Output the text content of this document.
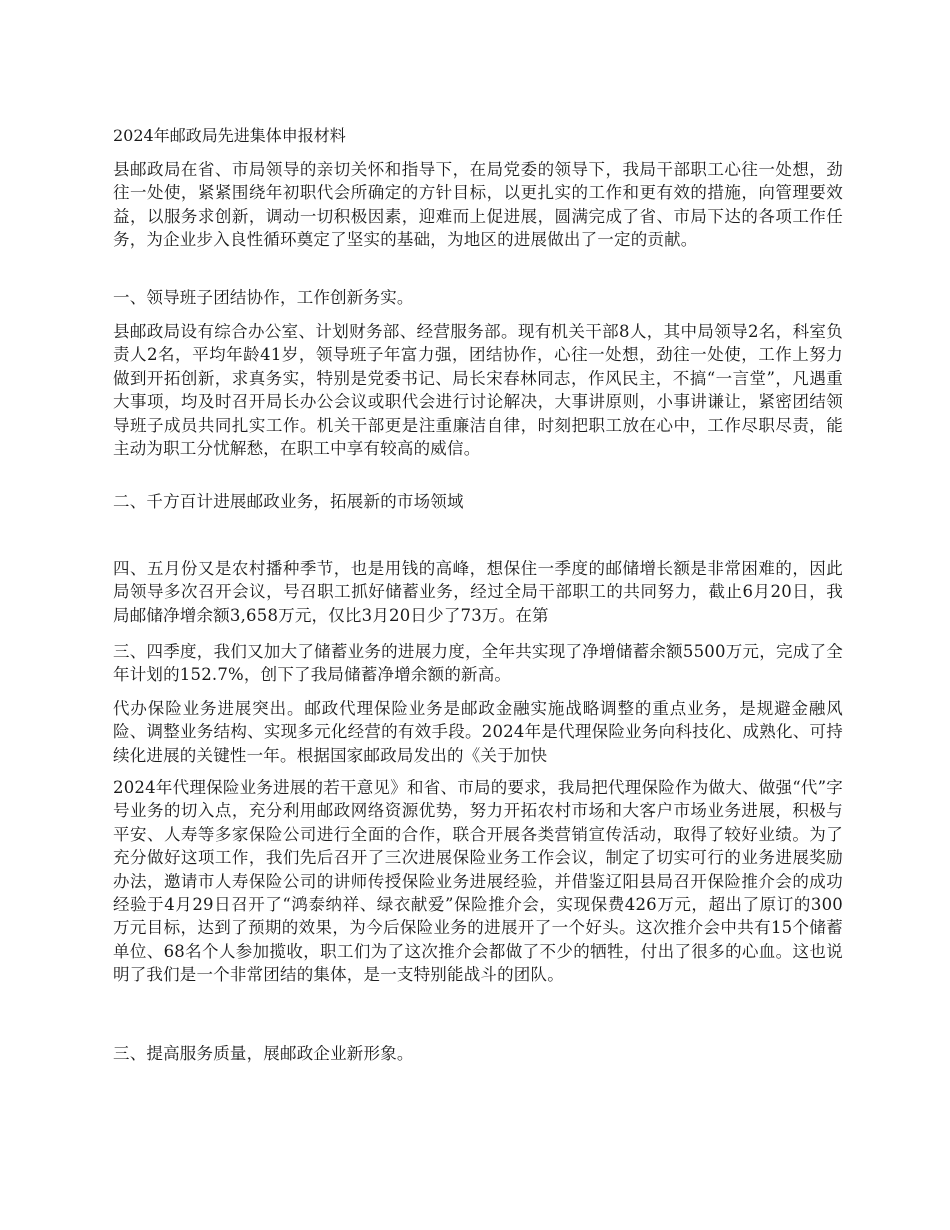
2024年邮政局先进集体申报材料

县邮政局在省、市局领导的亲切关怀和指导下，在局党委的领导下，我局干部职工心往一处想，劲往一处使，紧紧围绕年初职代会所确定的方针目标，以更扎实的工作和更有效的措施，向管理要效益，以服务求创新，调动一切积极因素，迎难而上促进展，圆满完成了省、市局下达的各项工作任务，为企业步入良性循环奠定了坚实的基础，为地区的进展做出了一定的贡献。

一、领导班子团结协作，工作创新务实。

县邮政局设有综合办公室、计划财务部、经营服务部。现有机关干部8人，其中局领导2名，科室负责人2名，平均年龄41岁，领导班子年富力强，团结协作，心往一处想，劲往一处使，工作上努力做到开拓创新，求真务实，特别是党委书记、局长宋春林同志，作风民主，不搞“一言堂”，凡遇重大事项，均及时召开局长办公会议或职代会进行讨论解决，大事讲原则，小事讲谦让，紧密团结领导班子成员共同扎实工作。机关干部更是注重廉洁自律，时刻把职工放在心中，工作尽职尽责，能主动为职工分忧解愁，在职工中享有较高的威信。

二、千方百计进展邮政业务，拓展新的市场领域

四、五月份又是农村播种季节，也是用钱的高峰，想保住一季度的邮储增长额是非常困难的，因此局领导多次召开会议，号召职工抓好储蓄业务，经过全局干部职工的共同努力，截止6月20日，我局邮储净增余额3,658万元，仅比3月20日少了73万。在第

三、四季度，我们又加大了储蓄业务的进展力度，全年共实现了净增储蓄余额5500万元，完成了全年计划的152.7%，创下了我局储蓄净增余额的新高。

代办保险业务进展突出。邮政代理保险业务是邮政金融实施战略调整的重点业务，是规避金融风险、调整业务结构、实现多元化经营的有效手段。2024年是代理保险业务向科技化、成熟化、可持续化进展的关键性一年。根据国家邮政局发出的《关于加快

2024年代理保险业务进展的若干意见》和省、市局的要求，我局把代理保险作为做大、做强“代”字号业务的切入点，充分利用邮政网络资源优势，努力开拓农村市场和大客户市场业务进展，积极与平安、人寿等多家保险公司进行全面的合作，联合开展各类营销宣传活动，取得了较好业绩。为了充分做好这项工作，我们先后召开了三次进展保险业务工作会议，制定了切实可行的业务进展奖励办法，邀请市人寿保险公司的讲师传授保险业务进展经验，并借鉴辽阳县局召开保险推介会的成功经验于4月29日召开了“鸿泰纳祥、绿衣献爱”保险推介会，实现保费426万元，超出了原订的300万元目标，达到了预期的效果，为今后保险业务的进展开了一个好头。这次推介会中共有15个储蓄单位、68名个人参加揽收，职工们为了这次推介会都做了不少的牺牲，付出了很多的心血。这也说明了我们是一个非常团结的集体，是一支特别能战斗的团队。

三、提高服务质量，展邮政企业新形象。
